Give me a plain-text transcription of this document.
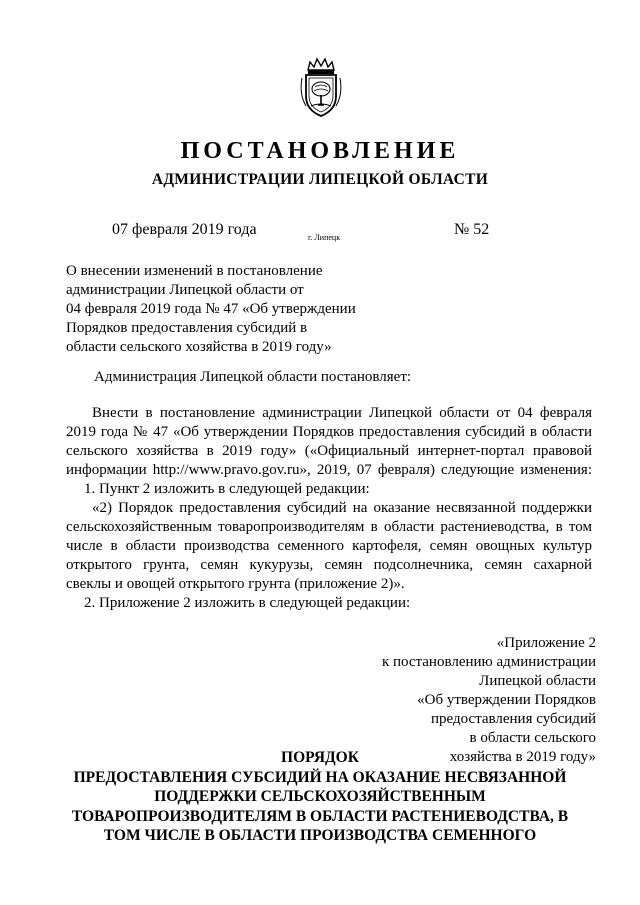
ПОСТАНОВЛЕНИЕ
АДМИНИСТРАЦИИ ЛИПЕЦКОЙ ОБЛАСТИ
07 февраля 2019 года	г. Липецк	№ 52
О внесении изменений в постановление
администрации Липецкой области от
04 февраля 2019 года № 47 «Об утверждении
Порядков предоставления субсидий в
области сельского хозяйства в 2019 году»
Администрация Липецкой области постановляет:
Внести в постановление администрации Липецкой области от 04 февраля
2019 года № 47 «Об утверждении Порядков предоставления субсидий в области
сельского хозяйства в 2019 году» («Официальный интернет-портал правовой
информации http://www.pravo.gov.ru», 2019, 07 февраля) следующие изменения:
1. Пункт 2 изложить в следующей редакции:
«2) Порядок предоставления субсидий на оказание несвязанной поддержки
сельскохозяйственным товаропроизводителям в области растениеводства, в том
числе в области производства семенного картофеля, семян овощных культур
открытого грунта, семян кукурузы, семян подсолнечника, семян сахарной
свеклы и овощей открытого грунта (приложение 2)».
2. Приложение 2 изложить в следующей редакции:
«Приложение 2
к постановлению администрации
Липецкой области
«Об утверждении Порядков
предоставления субсидий
в области сельского
хозяйства в 2019 году»
ПОРЯДОК
ПРЕДОСТАВЛЕНИЯ СУБСИДИЙ НА ОКАЗАНИЕ НЕСВЯЗАННОЙ
ПОДДЕРЖКИ СЕЛЬСКОХОЗЯЙСТВЕННЫМ
ТОВАРОПРОИЗВОДИТЕЛЯМ В ОБЛАСТИ РАСТЕНИЕВОДСТВА, В
ТОМ ЧИСЛЕ В ОБЛАСТИ ПРОИЗВОДСТВА СЕМЕННОГО
